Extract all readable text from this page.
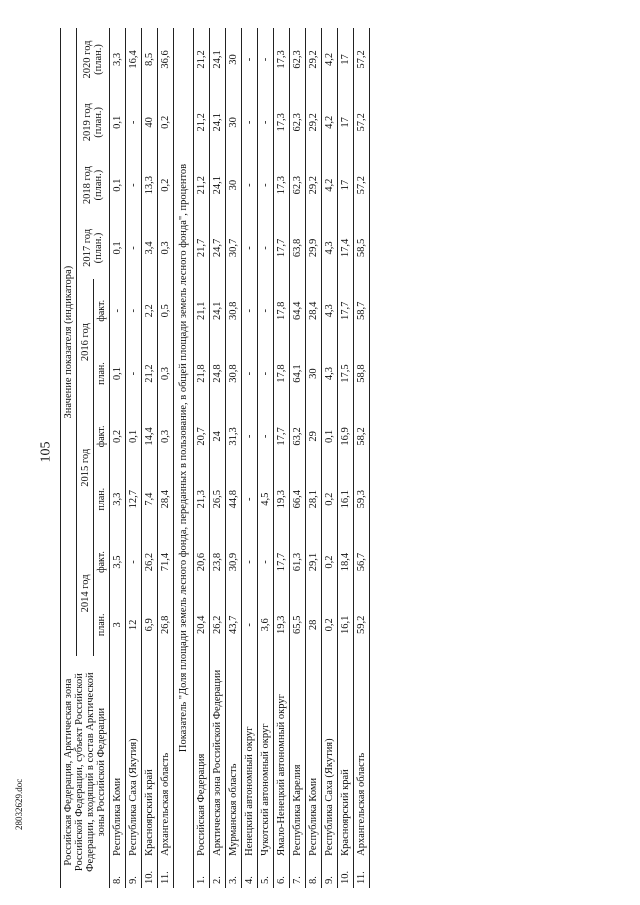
105
28032629.doc	Российская Федерация, Арктическая зона Российской Федерации, субъект Российской Федерации, входящий в состав Арктической зоны Российской Федерации		Значение показателя (индикатора)									
		2014 год		2015 год		2016 год		2017 год (план.)	2018 год (план.)	2019 год (план.)	2020 год (план.)
		план.	факт.	план.	факт.	план.	факт.				
8.	Республика Коми	3	3,5	3,3	0,2	0,1	-	0,1	0,1	0,1	3,3
9.	Республика Саха (Якутия)	12	-	12,7	0,1	-	-	-	-	-	16,4
10.	Красноярский край	6,9	26,2	7,4	14,4	21,2	2,2	3,4	13,3	40	8,5
11.	Архангельская область	26,8	71,4	28,4	0,3	0,3	0,5	0,3	0,2	0,2	36,6
Показатель "Доля площади земель лесного фонда, переданных в пользование, в общей площади земель лесного фонда", процентов											
1.	Российская Федерация	20,4	20,6	21,3	20,7	21,8	21,1	21,7	21,2	21,2	21,2
2.	Арктическая зона Российской Федерации	26,2	23,8	26,5	24	24,8	24,1	24,7	24,1	24,1	24,1
3.	Мурманская область	43,7	30,9	44,8	31,3	30,8	30,8	30,7	30	30	30
4.	Ненецкий автономный округ	-	-	-	-	-	-	-	-	-	-
5.	Чукотский автономный округ	3,6	-	4,5	-	-	-	-	-	-	-
6.	Ямало-Ненецкий автономный округ	19,3	17,7	19,3	17,7	17,8	17,8	17,7	17,3	17,3	17,3
7.	Республика Карелия	65,5	61,3	66,4	63,2	64,1	64,4	63,8	62,3	62,3	62,3
8.	Республика Коми	28	29,1	28,1	29	30	28,4	29,9	29,2	29,2	29,2
9.	Республика Саха (Якутия)	0,2	0,2	0,2	0,1	4,3	4,3	4,3	4,2	4,2	4,2
10.	Красноярский край	16,1	18,4	16,1	16,9	17,5	17,7	17,4	17	17	17
11.	Архангельская область	59,2	56,7	59,3	58,2	58,8	58,7	58,5	57,2	57,2	57,2
